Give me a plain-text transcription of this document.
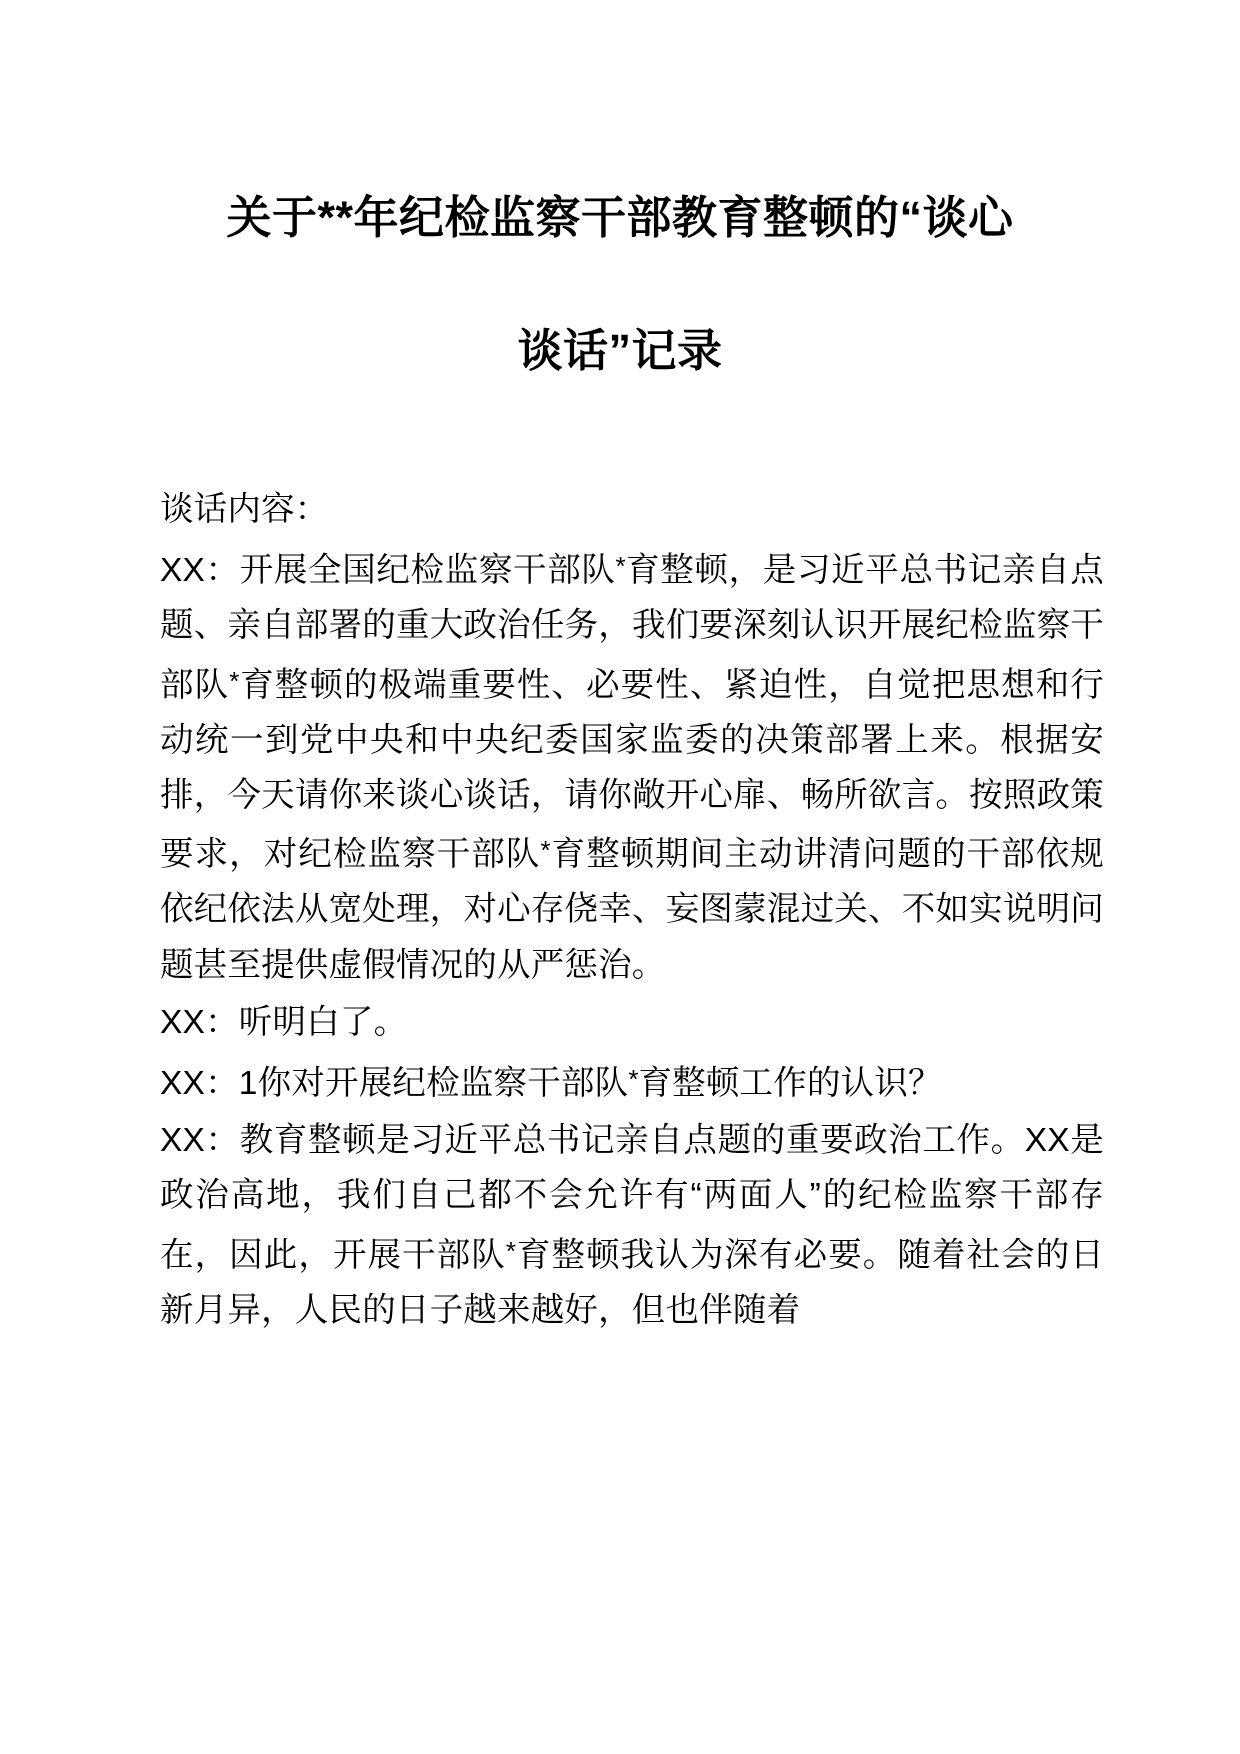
关于**年纪检监察干部教育整顿的“谈心
谈话”记录

谈话内容：

XX：开展全国纪检监察干部队*育整顿，是习近平总书记亲自点题、亲自部署的重大政治任务，我们要深刻认识开展纪检监察干部队*育整顿的极端重要性、必要性、紧迫性，自觉把思想和行动统一到党中央和中央纪委国家监委的决策部署上来。根据安排，今天请你来谈心谈话，请你敞开心扉、畅所欲言。按照政策要求，对纪检监察干部队*育整顿期间主动讲清问题的干部依规依纪依法从宽处理，对心存侥幸、妄图蒙混过关、不如实说明问题甚至提供虚假情况的从严惩治。

XX：听明白了。

XX：1你对开展纪检监察干部队*育整顿工作的认识？

XX：教育整顿是习近平总书记亲自点题的重要政治工作。XX是政治高地，我们自己都不会允许有“两面人”的纪检监察干部存在，因此，开展干部队*育整顿我认为深有必要。随着社会的日新月异，人民的日子越来越好，但也伴随着
